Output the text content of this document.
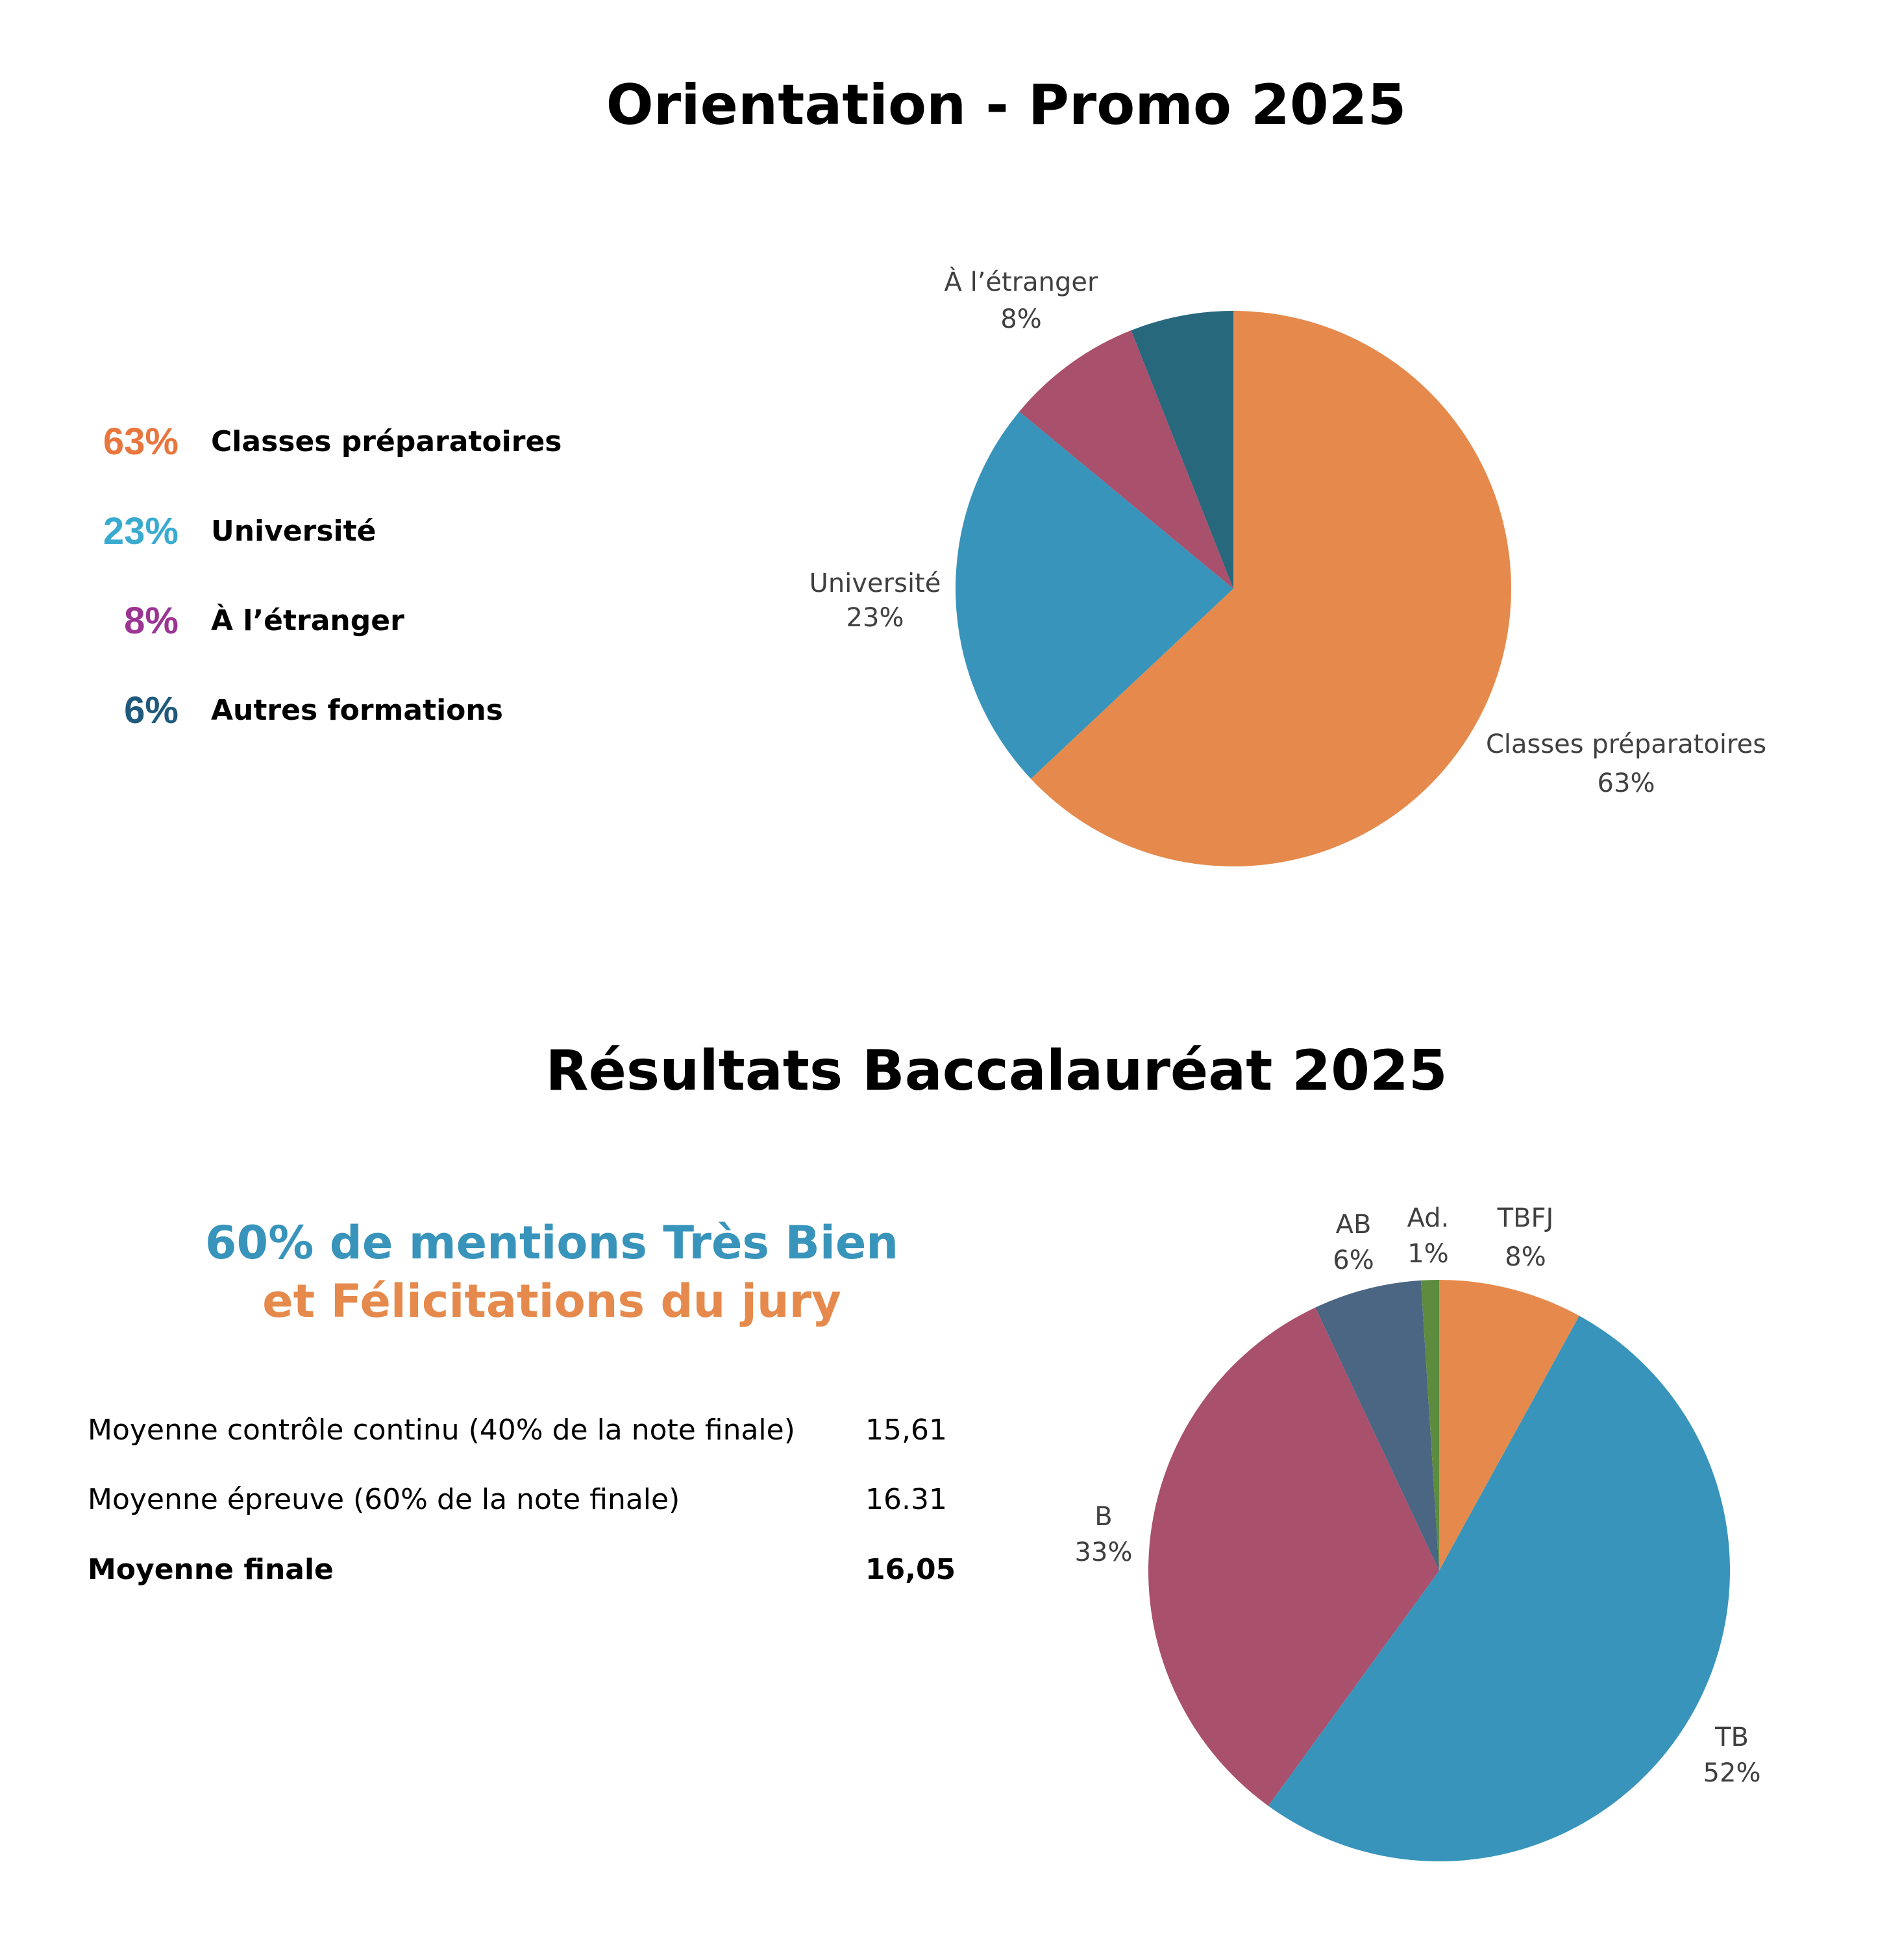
Orientation - Promo 2025
63% Classes préparatoires
23% Université
8% À l’étranger
6% Autres formations
Classes préparatoires
63%
Université
23%
À l’étranger
8%
Résultats Baccalauréat 2025
60% de mentions Très Bien
et Félicitations du jury
Moyenne contrôle continu (40% de la note finale) 15,61
Moyenne épreuve (60% de la note finale)	16.31
Moyenne finale	16,05
TBFJ
8%
TB
52%
B
33%
AB
6%
Ad.
1%
